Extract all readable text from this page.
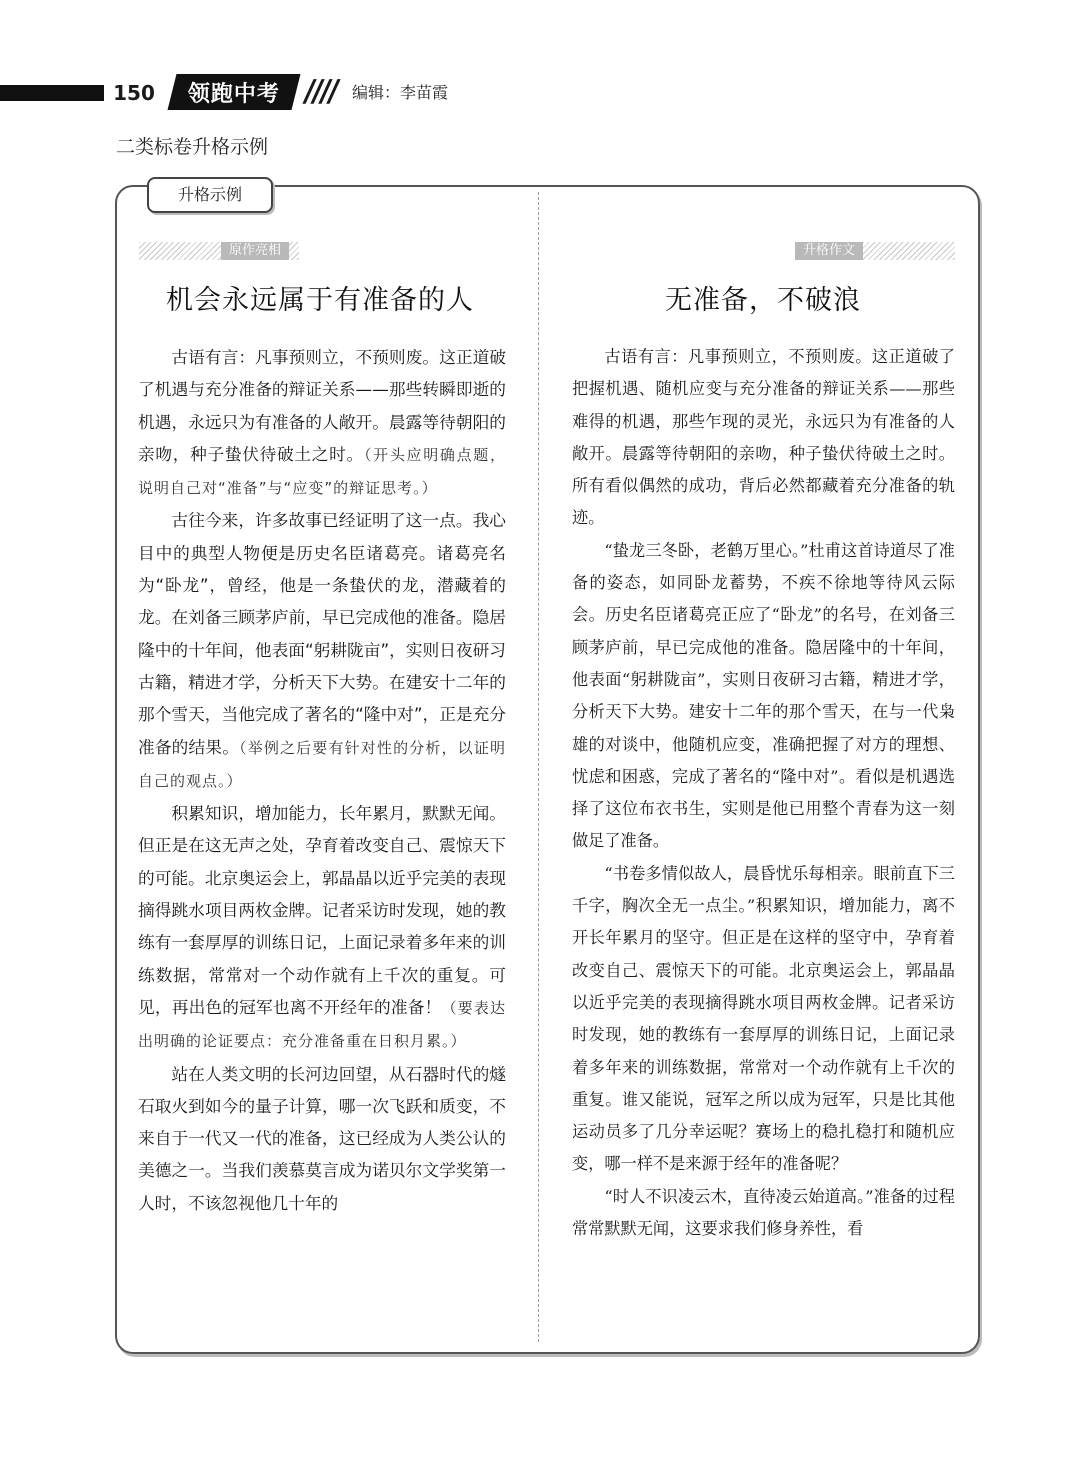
150	领跑中考 //// 编辑：李苗霞
二类标卷升格示例
升格示例
原作亮相	升格作文
机会永远属于有准备的人	无准备，不破浪

古语有言：凡事预则立，不预则废。这正道破了机遇与充分准备的辩证关系——那些转瞬即逝的机遇，永远只为有准备的人敞开。晨露等待朝阳的亲吻，种子蛰伏待破土之时。（开头应明确点题，说明自己对“准备”与“应变”的辩证思考。）

古往今来，许多故事已经证明了这一点。我心目中的典型人物便是历史名臣诸葛亮。诸葛亮名为“卧龙”，曾经，他是一条蛰伏的龙，潜藏着的龙。在刘备三顾茅庐前，早已完成他的准备。隐居隆中的十年间，他表面“躬耕陇亩”，实则日夜研习古籍，精进才学，分析天下大势。在建安十二年的那个雪天，当他完成了著名的“隆中对”，正是充分准备的结果。（举例之后要有针对性的分析，以证明自己的观点。）

积累知识，增加能力，长年累月，默默无闻。但正是在这无声之处，孕育着改变自己、震惊天下的可能。北京奥运会上，郭晶晶以近乎完美的表现摘得跳水项目两枚金牌。记者采访时发现，她的教练有一套厚厚的训练日记，上面记录着多年来的训练数据，常常对一个动作就有上千次的重复。可见，再出色的冠军也离不开经年的准备！（要表达出明确的论证要点：充分准备重在日积月累。）

站在人类文明的长河边回望，从石器时代的燧石取火到如今的量子计算，哪一次飞跃和质变，不来自于一代又一代的准备，这已经成为人类公认的美德之一。当我们羡慕莫言成为诺贝尔文学奖第一人时，不该忽视他几十年的

古语有言：凡事预则立，不预则废。这正道破了把握机遇、随机应变与充分准备的辩证关系——那些难得的机遇，那些乍现的灵光，永远只为有准备的人敞开。晨露等待朝阳的亲吻，种子蛰伏待破土之时。所有看似偶然的成功，背后必然都藏着充分准备的轨迹。

“蛰龙三冬卧，老鹤万里心。”杜甫这首诗道尽了准备的姿态，如同卧龙蓄势，不疾不徐地等待风云际会。历史名臣诸葛亮正应了“卧龙”的名号，在刘备三顾茅庐前，早已完成他的准备。隐居隆中的十年间，他表面“躬耕陇亩”，实则日夜研习古籍，精进才学，分析天下大势。建安十二年的那个雪天，在与一代枭雄的对谈中，他随机应变，准确把握了对方的理想、忧虑和困惑，完成了著名的“隆中对”。看似是机遇选择了这位布衣书生，实则是他已用整个青春为这一刻做足了准备。

“书卷多情似故人，晨昏忧乐每相亲。眼前直下三千字，胸次全无一点尘。”积累知识，增加能力，离不开长年累月的坚守。但正是在这样的坚守中，孕育着改变自己、震惊天下的可能。北京奥运会上，郭晶晶以近乎完美的表现摘得跳水项目两枚金牌。记者采访时发现，她的教练有一套厚厚的训练日记，上面记录着多年来的训练数据，常常对一个动作就有上千次的重复。谁又能说，冠军之所以成为冠军，只是比其他运动员多了几分幸运呢？赛场上的稳扎稳打和随机应变，哪一样不是来源于经年的准备呢？

“时人不识凌云木，直待凌云始道高。”准备的过程常常默默无闻，这要求我们修身养性，看
